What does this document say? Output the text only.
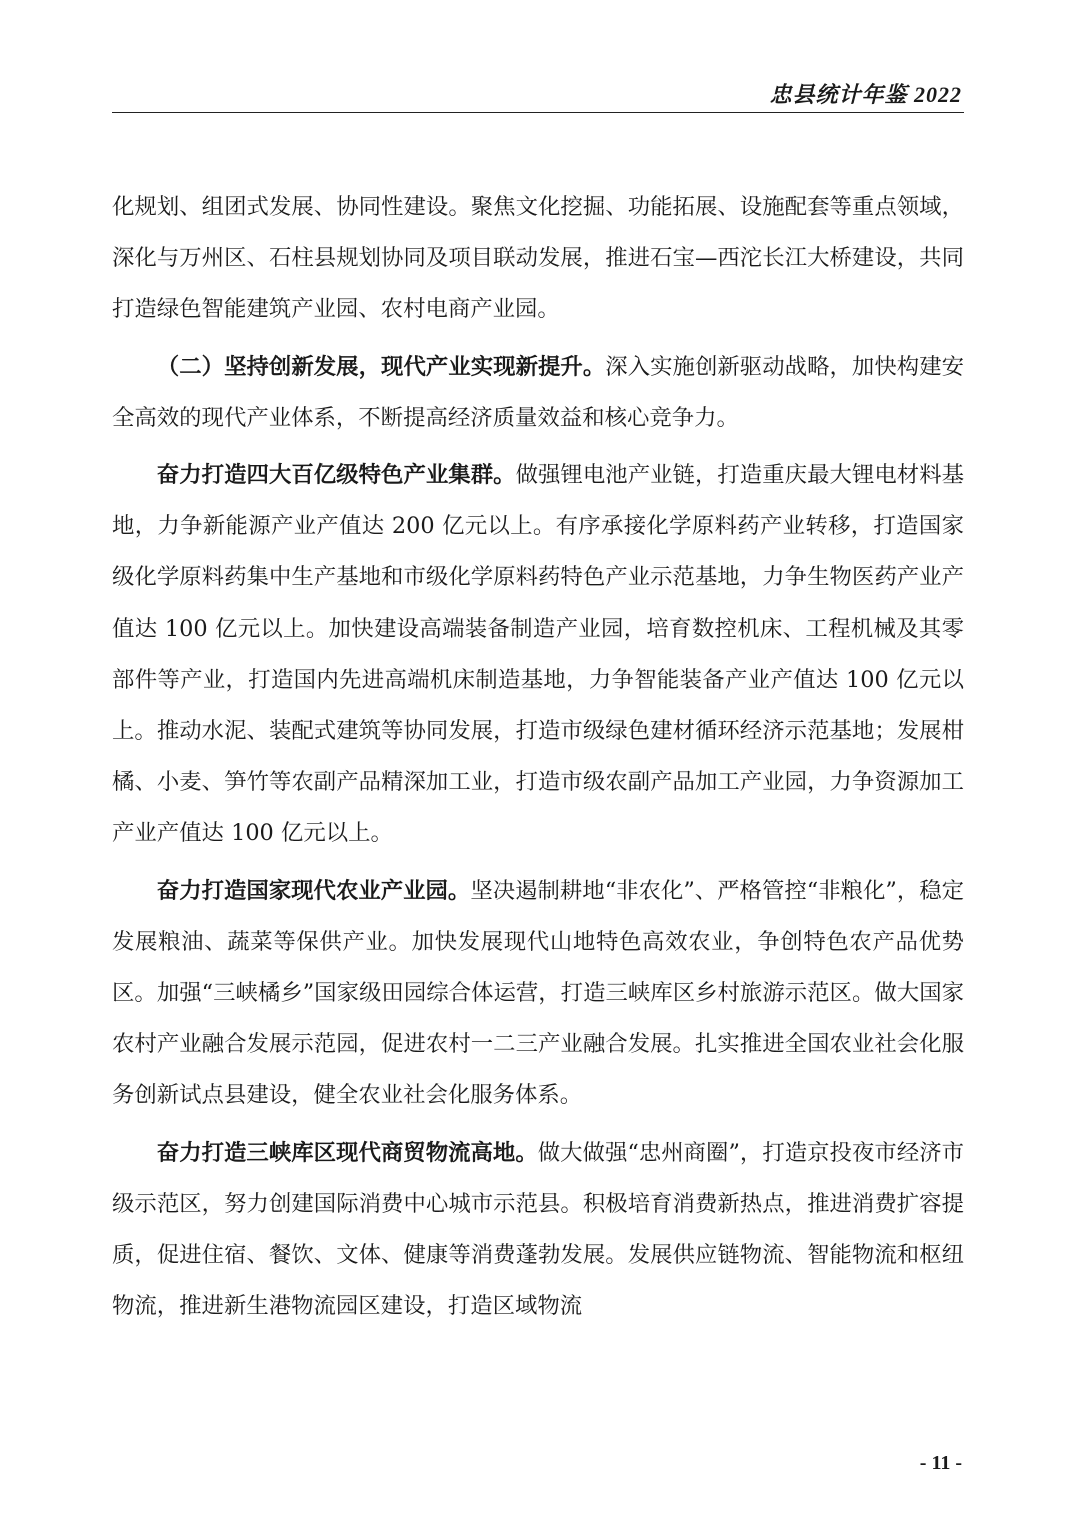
忠县统计年鉴 2022

化规划、组团式发展、协同性建设。聚焦文化挖掘、功能拓展、设施配套等重点领域，深化与万州区、石柱县规划协同及项目联动发展，推进石宝—西沱长江大桥建设，共同打造绿色智能建筑产业园、农村电商产业园。

（二）坚持创新发展，现代产业实现新提升。深入实施创新驱动战略，加快构建安全高效的现代产业体系，不断提高经济质量效益和核心竞争力。

奋力打造四大百亿级特色产业集群。做强锂电池产业链，打造重庆最大锂电材料基地，力争新能源产业产值达 200 亿元以上。有序承接化学原料药产业转移，打造国家级化学原料药集中生产基地和市级化学原料药特色产业示范基地，力争生物医药产业产值达 100 亿元以上。加快建设高端装备制造产业园，培育数控机床、工程机械及其零部件等产业，打造国内先进高端机床制造基地，力争智能装备产业产值达 100 亿元以上。推动水泥、装配式建筑等协同发展，打造市级绿色建材循环经济示范基地；发展柑橘、小麦、笋竹等农副产品精深加工业，打造市级农副产品加工产业园，力争资源加工产业产值达 100 亿元以上。

奋力打造国家现代农业产业园。坚决遏制耕地“非农化”、严格管控“非粮化”，稳定发展粮油、蔬菜等保供产业。加快发展现代山地特色高效农业，争创特色农产品优势区。加强“三峡橘乡”国家级田园综合体运营，打造三峡库区乡村旅游示范区。做大国家农村产业融合发展示范园，促进农村一二三产业融合发展。扎实推进全国农业社会化服务创新试点县建设，健全农业社会化服务体系。

奋力打造三峡库区现代商贸物流高地。做大做强“忠州商圈”，打造京投夜市经济市级示范区，努力创建国际消费中心城市示范县。积极培育消费新热点，推进消费扩容提质，促进住宿、餐饮、文体、健康等消费蓬勃发展。发展供应链物流、智能物流和枢纽物流，推进新生港物流园区建设，打造区域物流

- 11 -
